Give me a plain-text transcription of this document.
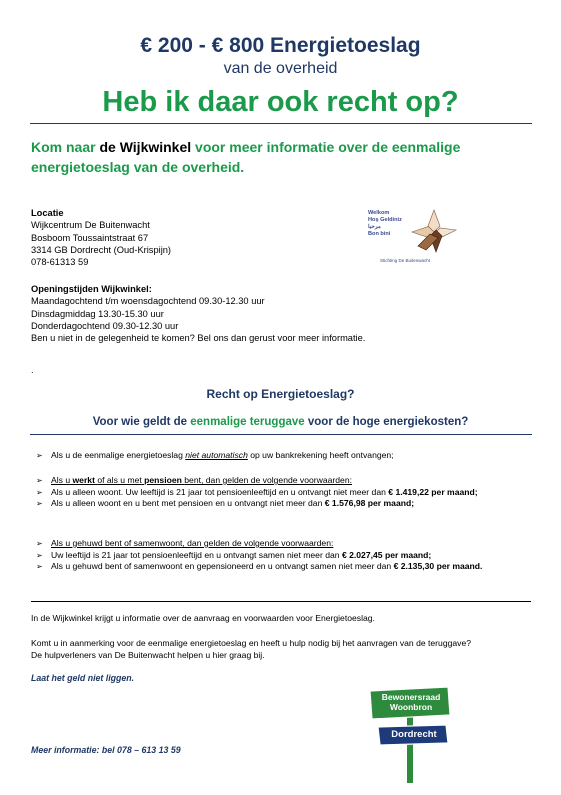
€ 200 - € 800 Energietoeslag
van de overheid
Heb ik daar ook recht op?
Kom naar de Wijkwinkel voor meer informatie over de eenmalige energietoeslag van de overheid.
Locatie
Wijkcentrum De Buitenwacht
Bosboom Toussaintstraat 67
3314 GB Dordrecht (Oud-Krispijn)
078-61313 59
Welkom
Hoş Geldiniz
مرحبا
Bon bini
Stichting De Buitenwacht
Openingstijden Wijkwinkel:
Maandagochtend t/m woensdagochtend 09.30-12.30 uur
Dinsdagmiddag 13.30-15.30 uur
Donderdagochtend 09.30-12.30 uur
Ben u niet in de gelegenheid te komen? Bel ons dan gerust voor meer informatie.
.
Recht op Energietoeslag?
Voor wie geldt de eenmalige teruggave voor de hoge energiekosten?
➢ Als u de eenmalige energietoeslag niet automatisch op uw bankrekening heeft ontvangen;
➢ Als u werkt of als u met pensioen bent, dan gelden de volgende voorwaarden:
➢ Als u alleen woont. Uw leeftijd is 21 jaar tot pensioenleeftijd en u ontvangt niet meer dan € 1.419,22 per maand;
➢ Als u alleen woont en u bent met pensioen en u ontvangt niet meer dan € 1.576,98 per maand;
➢ Als u gehuwd bent of samenwoont, dan gelden de volgende voorwaarden:
➢ Uw leeftijd is 21 jaar tot pensioenleeftijd en u ontvangt samen niet meer dan € 2.027,45 per maand;
➢ Als u gehuwd bent of samenwoont en gepensioneerd en u ontvangt samen niet meer dan € 2.135,30 per maand.
In de Wijkwinkel krijgt u informatie over de aanvraag en voorwaarden voor Energietoeslag.
Komt u in aanmerking voor de eenmalige energietoeslag en heeft u hulp nodig bij het aanvragen van de teruggave?
De hulpverleners van De Buitenwacht helpen u hier graag bij.
Laat het geld niet liggen.
Meer informatie: bel 078 – 613 13 59
Bewonersraad
Woonbron
Dordrecht
